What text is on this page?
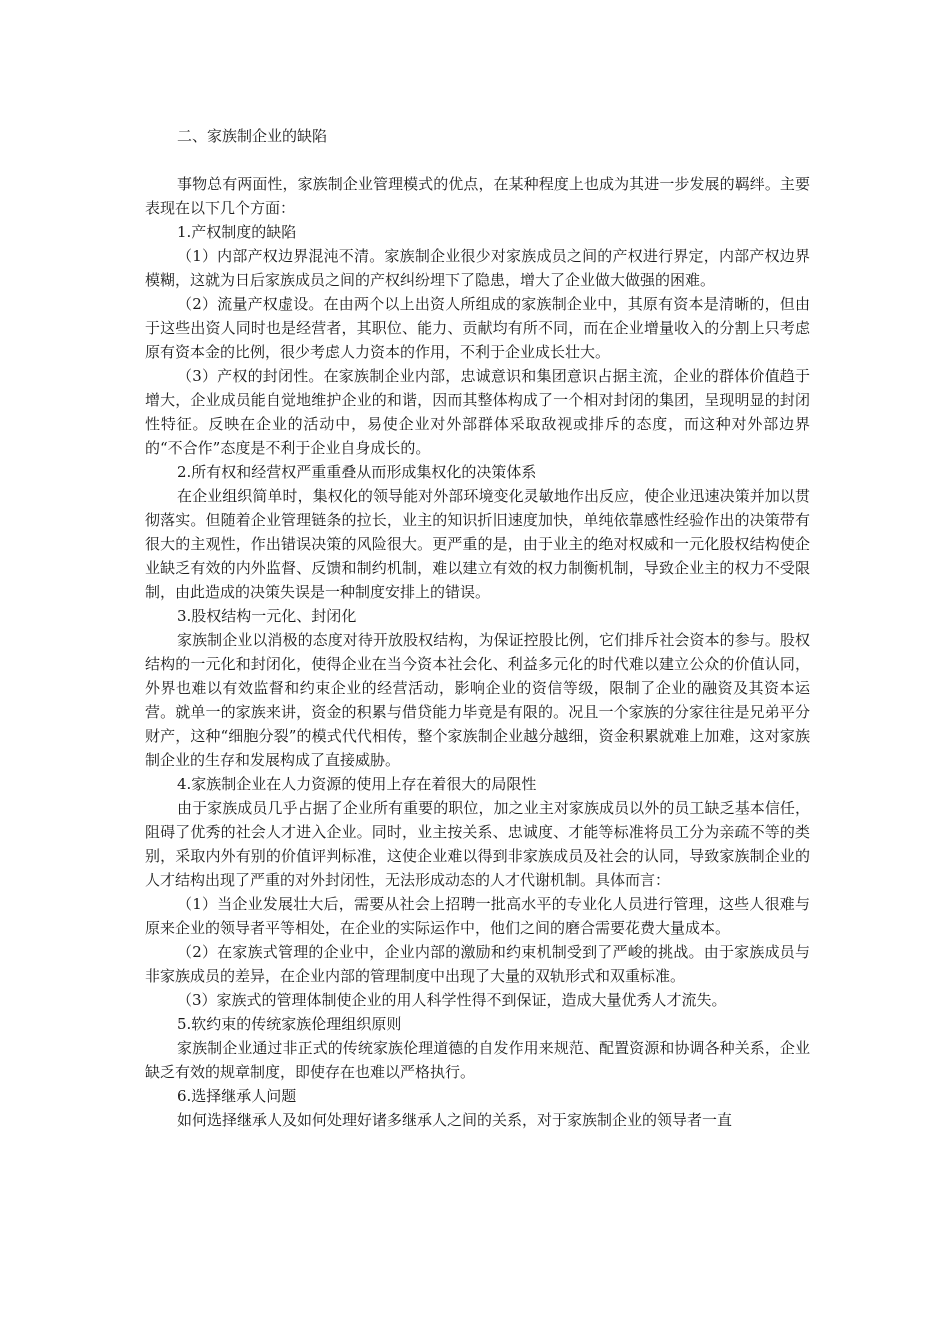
二、家族制企业的缺陷

事物总有两面性，家族制企业管理模式的优点，在某种程度上也成为其进一步发展的羁绊。主要表现在以下几个方面：

1.产权制度的缺陷

（1）内部产权边界混沌不清。家族制企业很少对家族成员之间的产权进行界定，内部产权边界模糊，这就为日后家族成员之间的产权纠纷埋下了隐患，增大了企业做大做强的困难。

（2）流量产权虚设。在由两个以上出资人所组成的家族制企业中，其原有资本是清晰的，但由于这些出资人同时也是经营者，其职位、能力、贡献均有所不同，而在企业增量收入的分割上只考虑原有资本金的比例，很少考虑人力资本的作用，不利于企业成长壮大。

（3）产权的封闭性。在家族制企业内部，忠诚意识和集团意识占据主流，企业的群体价值趋于增大，企业成员能自觉地维护企业的和谐，因而其整体构成了一个相对封闭的集团，呈现明显的封闭性特征。反映在企业的活动中，易使企业对外部群体采取敌视或排斥的态度，而这种对外部边界的“不合作”态度是不利于企业自身成长的。

2.所有权和经营权严重重叠从而形成集权化的决策体系

在企业组织简单时，集权化的领导能对外部环境变化灵敏地作出反应，使企业迅速决策并加以贯彻落实。但随着企业管理链条的拉长，业主的知识折旧速度加快，单纯依靠感性经验作出的决策带有很大的主观性，作出错误决策的风险很大。更严重的是，由于业主的绝对权威和一元化股权结构使企业缺乏有效的内外监督、反馈和制约机制，难以建立有效的权力制衡机制，导致企业主的权力不受限制，由此造成的决策失误是一种制度安排上的错误。

3.股权结构一元化、封闭化

家族制企业以消极的态度对待开放股权结构，为保证控股比例，它们排斥社会资本的参与。股权结构的一元化和封闭化，使得企业在当今资本社会化、利益多元化的时代难以建立公众的价值认同，外界也难以有效监督和约束企业的经营活动，影响企业的资信等级，限制了企业的融资及其资本运营。就单一的家族来讲，资金的积累与借贷能力毕竟是有限的。况且一个家族的分家往往是兄弟平分财产，这种“细胞分裂”的模式代代相传，整个家族制企业越分越细，资金积累就难上加难，这对家族制企业的生存和发展构成了直接威胁。

4.家族制企业在人力资源的使用上存在着很大的局限性

由于家族成员几乎占据了企业所有重要的职位，加之业主对家族成员以外的员工缺乏基本信任，阻碍了优秀的社会人才进入企业。同时，业主按关系、忠诚度、才能等标准将员工分为亲疏不等的类别，采取内外有别的价值评判标准，这使企业难以得到非家族成员及社会的认同，导致家族制企业的人才结构出现了严重的对外封闭性，无法形成动态的人才代谢机制。具体而言：

（1）当企业发展壮大后，需要从社会上招聘一批高水平的专业化人员进行管理，这些人很难与原来企业的领导者平等相处，在企业的实际运作中，他们之间的磨合需要花费大量成本。

（2）在家族式管理的企业中，企业内部的激励和约束机制受到了严峻的挑战。由于家族成员与非家族成员的差异，在企业内部的管理制度中出现了大量的双轨形式和双重标准。

（3）家族式的管理体制使企业的用人科学性得不到保证，造成大量优秀人才流失。

5.软约束的传统家族伦理组织原则

家族制企业通过非正式的传统家族伦理道德的自发作用来规范、配置资源和协调各种关系，企业缺乏有效的规章制度，即使存在也难以严格执行。

6.选择继承人问题

如何选择继承人及如何处理好诸多继承人之间的关系，对于家族制企业的领导者一直
